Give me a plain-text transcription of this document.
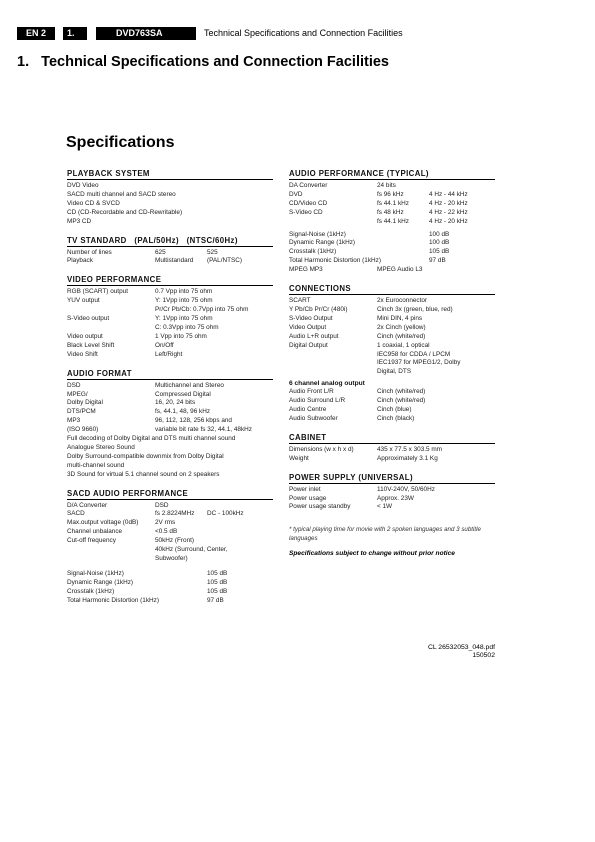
EN 2	1.	DVD763SA	Technical Specifications and Connection Facilities
1.   Technical Specifications and Connection Facilities
Specifications
PLAYBACK SYSTEM
DVD Video
SACD multi channel and SACD stereo
Video CD & SVCD
CD (CD-Recordable and CD-Rewritable)
MP3 CD
TV STANDARD   (PAL/50Hz)   (NTSC/60Hz)
Number of lines	625	525
Playback	Multistandard	(PAL/NTSC)
VIDEO PERFORMANCE
RGB (SCART) output	0.7 Vpp into 75 ohm
YUV output	Y: 1Vpp into 75 ohm
Pr/Cr Pb/Cb: 0.7Vpp into 75 ohm
S-Video output	Y: 1Vpp into 75 ohm
C: 0.3Vpp into 75 ohm
Video output	1 Vpp into 75 ohm
Black Level Shift	On/Off
Video Shift	Left/Right
AUDIO FORMAT
DSD	Multichannel and Stereo
MPEG/	Compressed Digital
Dolby Digital	16, 20, 24 bits
DTS/PCM	fs, 44.1, 48, 96 kHz
MP3	96, 112, 128, 256 kbps and
(ISO 9660)	variable bit rate fs 32, 44.1, 48kHz
Full decoding of Dolby Digital and DTS multi channel sound
Analogue Stereo Sound
Dolby Surround-compatible downmix from Dolby Digital
multi-channel sound
3D Sound for virtual 5.1 channel sound on 2 speakers
SACD AUDIO PERFORMANCE
D/A Converter	DSD
SACD	fs 2.8224MHz	DC - 100kHz
Max.output voltage (0dB)	2V rms
Channel unbalance	<0.5 dB
Cut-off frequency	50kHz (Front)
40kHz (Surround, Center,
Subwoofer)
Signal-Noise (1kHz)	105 dB
Dynamic Range (1kHz)	105 dB
Crosstalk (1kHz)	105 dB
Total Harmonic Distortion (1kHz)	97 dB
AUDIO PERFORMANCE (TYPICAL)
DA Converter	24 bits
DVD	fs 96 kHz	4 Hz - 44 kHz
CD/Video CD	fs 44.1 kHz	4 Hz - 20 kHz
S-Video CD	fs 48 kHz	4 Hz - 22 kHz
fs 44.1 kHz	4 Hz - 20 kHz
Signal-Noise (1kHz)	100 dB
Dynamic Range (1kHz)	100 dB
Crosstalk (1kHz)	105 dB
Total Harmonic Distortion (1kHz)	97 dB
MPEG MP3	MPEG Audio L3
CONNECTIONS
SCART	2x Euroconnector
Y Pb/Cb Pr/Cr (480i)	Cinch 3x (green, blue, red)
S-Video Output	Mini DIN, 4 pins
Video Output	2x Cinch (yellow)
Audio L+R output	Cinch (white/red)
Digital Output	1 coaxial, 1 optical
IEC958 for CDDA / LPCM
IEC1937 for MPEG1/2, Dolby
Digital, DTS
6 channel analog output
Audio Front L/R	Cinch (white/red)
Audio Surround L/R	Cinch (white/red)
Audio Centre	Cinch (blue)
Audio Subwoofer	Cinch (black)
CABINET
Dimensions (w x h x d)	435 x 77.5 x 303.5 mm
Weight	Approximately 3.1 Kg
POWER SUPPLY (UNIVERSAL)
Power inlet	110V-240V, 50/60Hz
Power usage	Approx. 23W
Power usage standby	< 1W
* typical playing time for movie with 2 spoken languages and 3 subtitle languages
Specifications subject to change without prior notice
CL 26532053_048.pdf
150502
